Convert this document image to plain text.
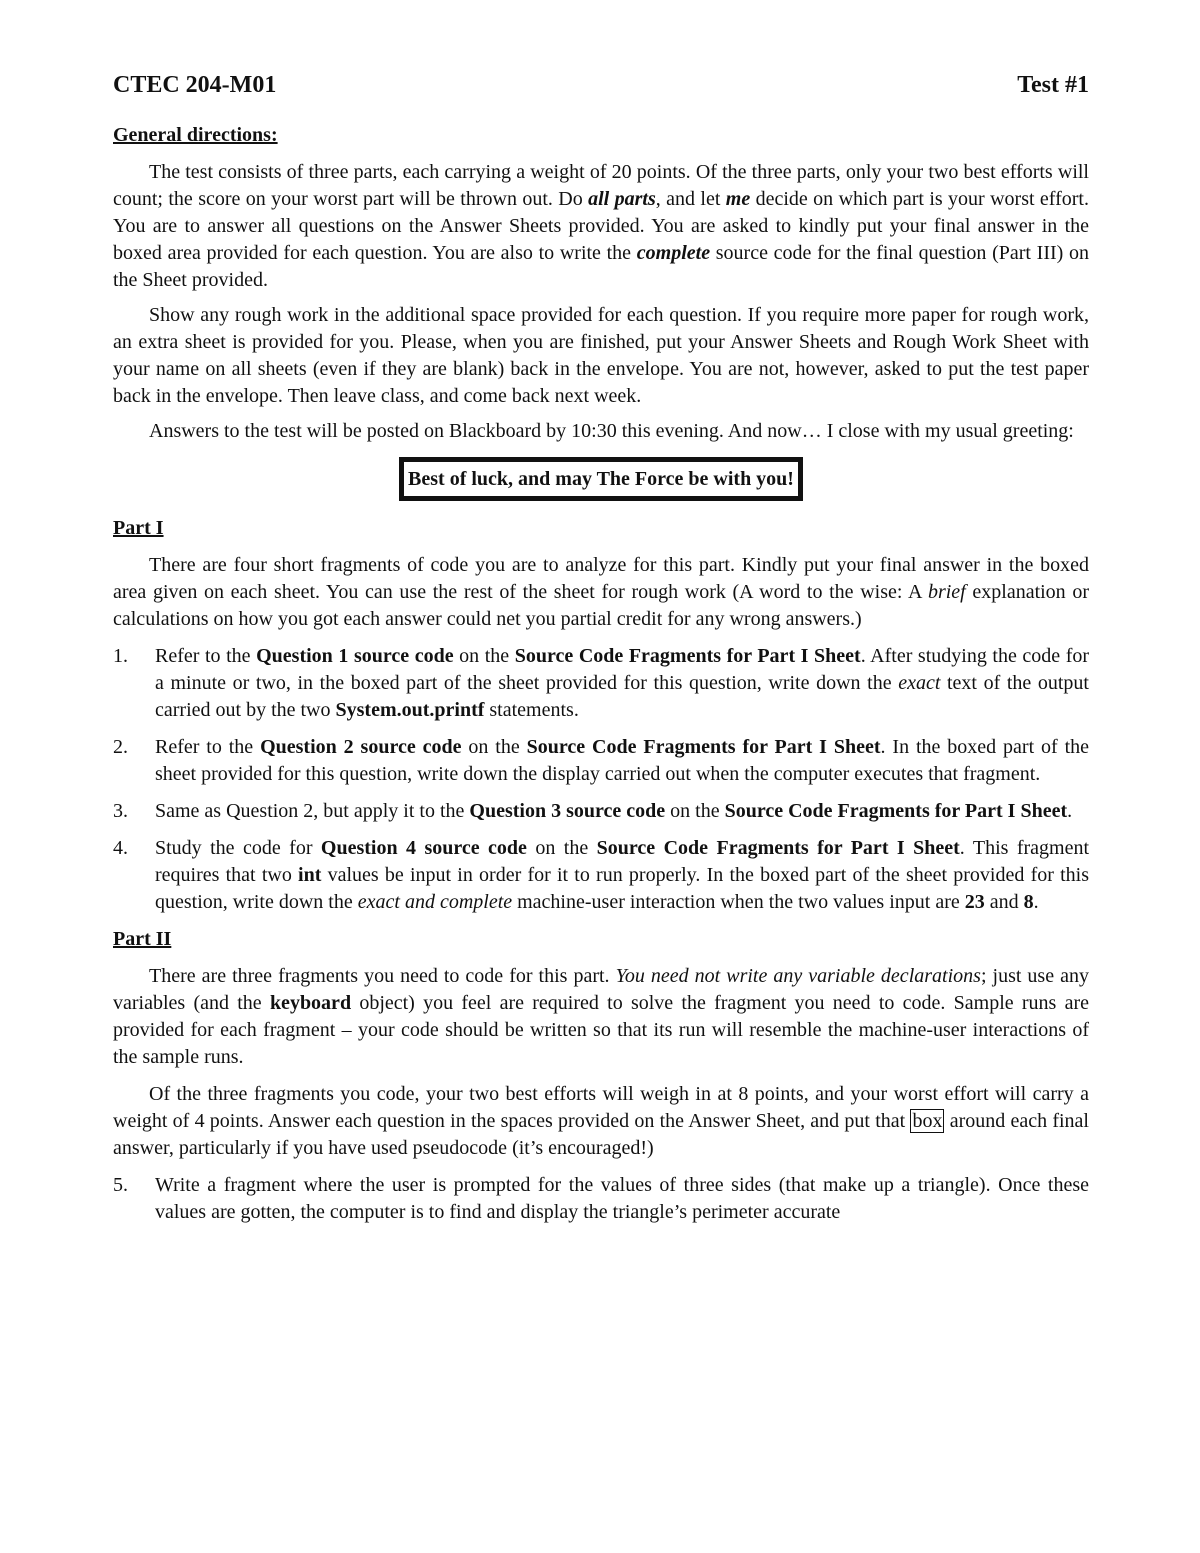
CTEC 204-M01	Test #1
General directions:

The test consists of three parts, each carrying a weight of 20 points. Of the three parts, only your two best efforts will count; the score on your worst part will be thrown out. Do all parts, and let me decide on which part is your worst effort. You are to answer all questions on the Answer Sheets provided. You are asked to kindly put your final answer in the boxed area provided for each question. You are also to write the complete source code for the final question (Part III) on the Sheet provided.

Show any rough work in the additional space provided for each question. If you require more paper for rough work, an extra sheet is provided for you. Please, when you are finished, put your Answer Sheets and Rough Work Sheet with your name on all sheets (even if they are blank) back in the envelope. You are not, however, asked to put the test paper back in the envelope. Then leave class, and come back next week.

Answers to the test will be posted on Blackboard by 10:30 this evening. And now… I close with my usual greeting:

Best of luck, and may The Force be with you!
Part I

There are four short fragments of code you are to analyze for this part. Kindly put your final answer in the boxed area given on each sheet. You can use the rest of the sheet for rough work (A word to the wise: A brief explanation or calculations on how you got each answer could net you partial credit for any wrong answers.)

1.	Refer to the Question 1 source code on the Source Code Fragments for Part I Sheet. After studying the code for a minute or two, in the boxed part of the sheet provided for this question, write down the exact text of the output carried out by the two System.out.printf statements.
2.	Refer to the Question 2 source code on the Source Code Fragments for Part I Sheet. In the boxed part of the sheet provided for this question, write down the display carried out when the computer executes that fragment.
3.	Same as Question 2, but apply it to the Question 3 source code on the Source Code Fragments for Part I Sheet.
4.	Study the code for Question 4 source code on the Source Code Fragments for Part I Sheet. This fragment requires that two int values be input in order for it to run properly. In the boxed part of the sheet provided for this question, write down the exact and complete machine-user interaction when the two values input are 23 and 8.
Part II

There are three fragments you need to code for this part. You need not write any variable declarations; just use any variables (and the keyboard object) you feel are required to solve the fragment you need to code. Sample runs are provided for each fragment – your code should be written so that its run will resemble the machine-user interactions of the sample runs.

Of the three fragments you code, your two best efforts will weigh in at 8 points, and your worst effort will carry a weight of 4 points. Answer each question in the spaces provided on the Answer Sheet, and put that box around each final answer, particularly if you have used pseudocode (it’s encouraged!)

5.	Write a fragment where the user is prompted for the values of three sides (that make up a triangle). Once these values are gotten, the computer is to find and display the triangle’s perimeter accurate
